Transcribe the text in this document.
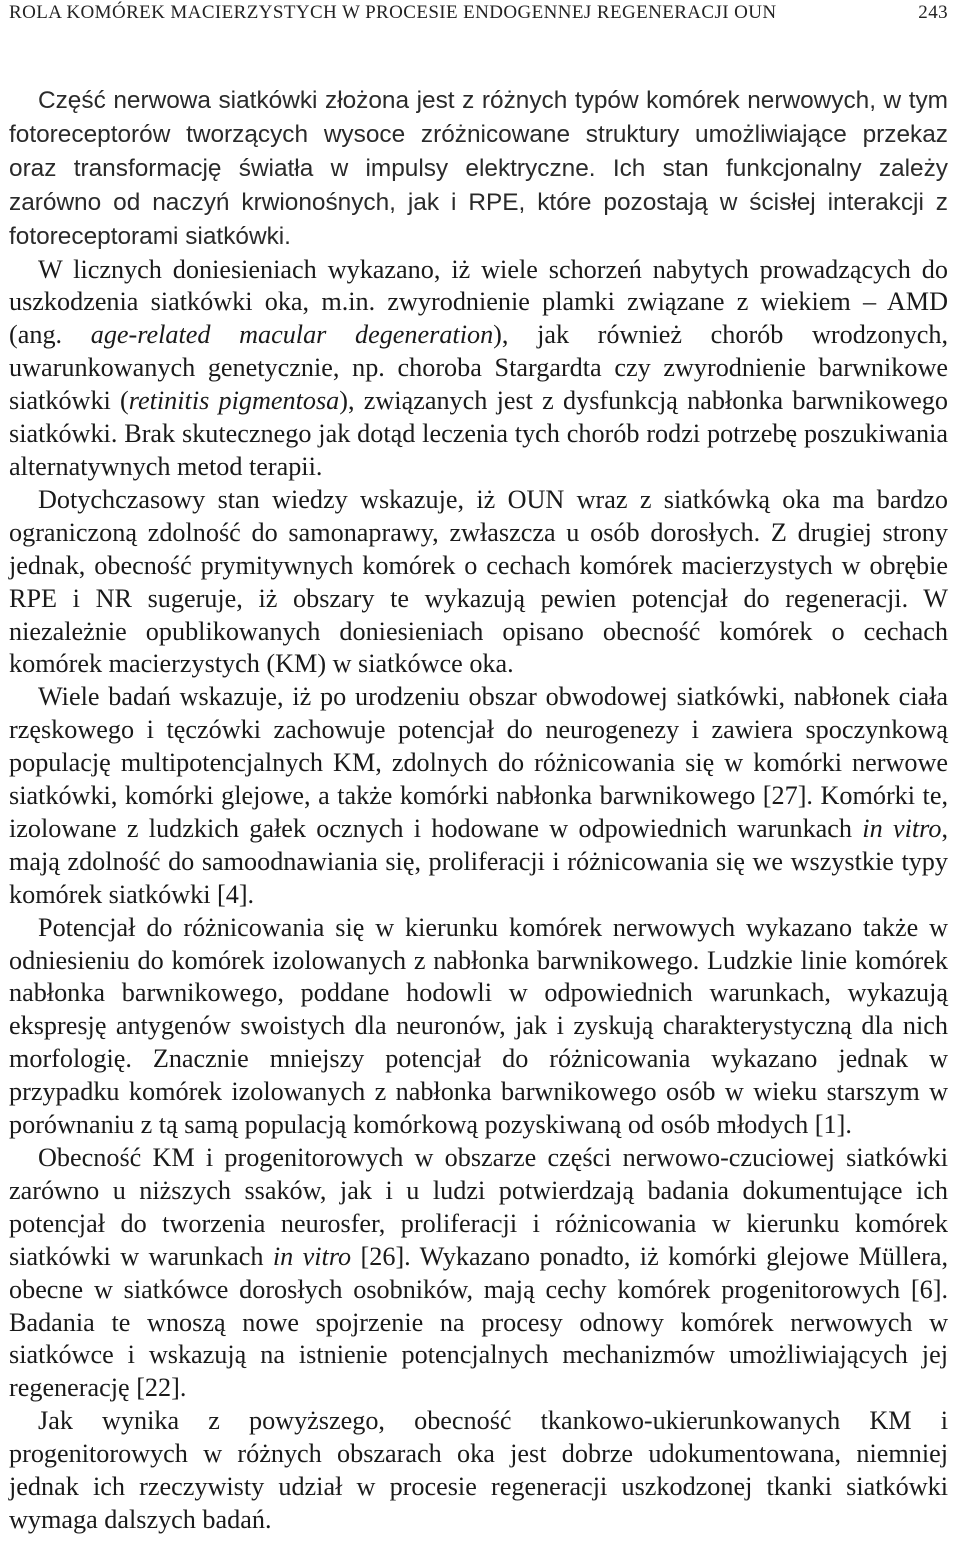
ROLA KOMÓREK MACIERZYSTYCH W PROCESIE ENDOGENNEJ REGENERACJI OUN	243

Część nerwowa siatkówki złożona jest z różnych typów komórek nerwowych, w tym fotoreceptorów tworzących wysoce zróżnicowane struktury umożliwiające przekaz oraz transformację światła w impulsy elektryczne. Ich stan funkcjonalny zależy zarówno od naczyń krwionośnych, jak i RPE, które pozostają w ścisłej interakcji z fotoreceptorami siatkówki.

W licznych doniesieniach wykazano, iż wiele schorzeń nabytych prowadzących do uszkodzenia siatkówki oka, m.in. zwyrodnienie plamki związane z wiekiem – AMD (ang. age-related macular degeneration), jak również chorób wrodzonych, uwarunkowanych genetycznie, np. choroba Stargardta czy zwyrodnienie barwnikowe siatkówki (retinitis pigmentosa), związanych jest z dysfunkcją nabłonka barwnikowego siatkówki. Brak skutecznego jak dotąd leczenia tych chorób rodzi potrzebę poszukiwania alternatywnych metod terapii.

Dotychczasowy stan wiedzy wskazuje, iż OUN wraz z siatkówką oka ma bardzo ograniczoną zdolność do samonaprawy, zwłaszcza u osób dorosłych. Z drugiej strony jednak, obecność prymitywnych komórek o cechach komórek macierzystych w obrębie RPE i NR sugeruje, iż obszary te wykazują pewien potencjał do regeneracji. W niezależnie opublikowanych doniesieniach opisano obecność komórek o cechach komórek macierzystych (KM) w siatkówce oka.

Wiele badań wskazuje, iż po urodzeniu obszar obwodowej siatkówki, nabłonek ciała rzęskowego i tęczówki zachowuje potencjał do neurogenezy i zawiera spoczynkową populację multipotencjalnych KM, zdolnych do różnicowania się w komórki nerwowe siatkówki, komórki glejowe, a także komórki nabłonka barwnikowego [27]. Komórki te, izolowane z ludzkich gałek ocznych i hodowane w odpowiednich warunkach in vitro, mają zdolność do samoodnawiania się, proliferacji i różnicowania się we wszystkie typy komórek siatkówki [4].

Potencjał do różnicowania się w kierunku komórek nerwowych wykazano także w odniesieniu do komórek izolowanych z nabłonka barwnikowego. Ludzkie linie komórek nabłonka barwnikowego, poddane hodowli w odpowiednich warunkach, wykazują ekspresję antygenów swoistych dla neuronów, jak i zyskują charakterystyczną dla nich morfologię. Znacznie mniejszy potencjał do różnicowania wykazano jednak w przypadku komórek izolowanych z nabłonka barwnikowego osób w wieku starszym w porównaniu z tą samą populacją komórkową pozyskiwaną od osób młodych [1].

Obecność KM i progenitorowych w obszarze części nerwowo-czuciowej siatkówki zarówno u niższych ssaków, jak i u ludzi potwierdzają badania dokumentujące ich potencjał do tworzenia neurosfer, proliferacji i różnicowania w kierunku komórek siatkówki w warunkach in vitro [26]. Wykazano ponadto, iż komórki glejowe Müllera, obecne w siatkówce dorosłych osobników, mają cechy komórek progenitorowych [6]. Badania te wnoszą nowe spojrzenie na procesy odnowy komórek nerwowych w siatkówce i wskazują na istnienie potencjalnych mechanizmów umożliwiających jej regenerację [22].

Jak wynika z powyższego, obecność tkankowo-ukierunkowanych KM i progenitorowych w różnych obszarach oka jest dobrze udokumentowana, niemniej jednak ich rzeczywisty udział w procesie regeneracji uszkodzonej tkanki siatkówki wymaga dalszych badań.
